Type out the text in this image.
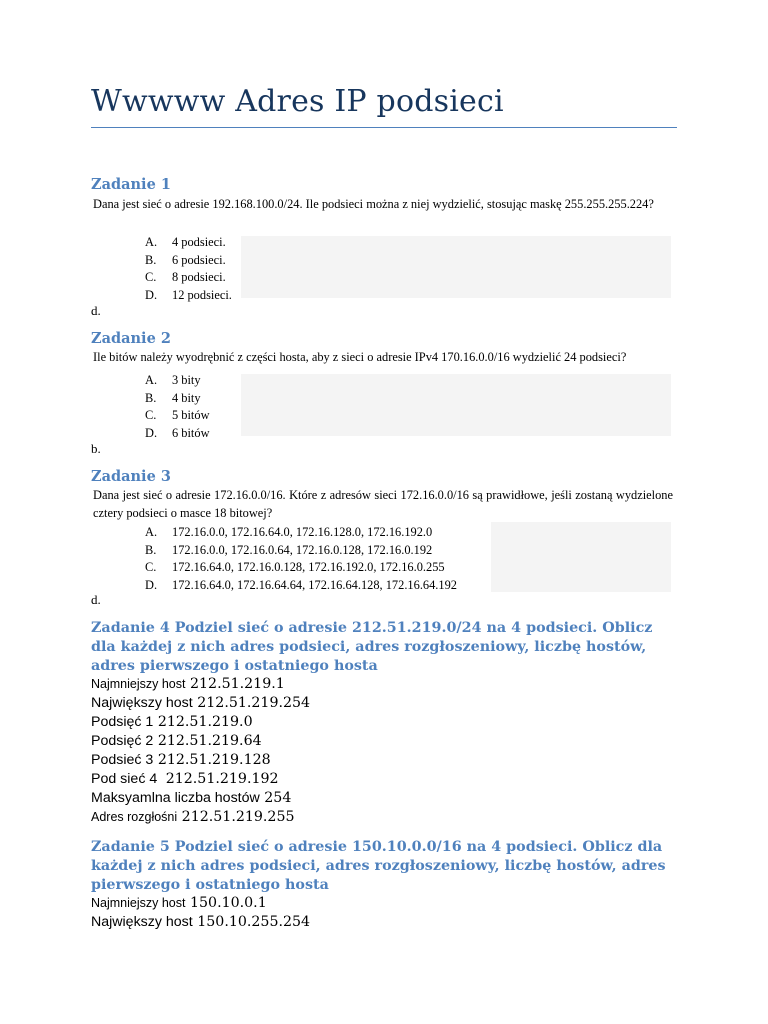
Wwwww Adres IP podsieci
Zadanie 1
Dana jest sieć o adresie 192.168.100.0/24. Ile podsieci można z niej wydzielić, stosując maskę 255.255.255.224?
A. 4 podsieci.
B. 6 podsieci.
C. 8 podsieci.
D. 12 podsieci.
d.
Zadanie 2
Ile bitów należy wyodrębnić z części hosta, aby z sieci o adresie IPv4 170.16.0.0/16 wydzielić 24 podsieci?
A. 3 bity
B. 4 bity
C. 5 bitów
D. 6 bitów
b.
Zadanie 3
Dana jest sieć o adresie 172.16.0.0/16. Które z adresów sieci 172.16.0.0/16 są prawidłowe, jeśli zostaną wydzielone cztery podsieci o masce 18 bitowej?
A. 172.16.0.0, 172.16.64.0, 172.16.128.0, 172.16.192.0
B. 172.16.0.0, 172.16.0.64, 172.16.0.128, 172.16.0.192
C. 172.16.64.0, 172.16.0.128, 172.16.192.0, 172.16.0.255
D. 172.16.64.0, 172.16.64.64, 172.16.64.128, 172.16.64.192
d.
Zadanie 4 Podziel sieć o adresie 212.51.219.0/24 na 4 podsieci. Oblicz dla każdej z nich adres podsieci, adres rozgłoszeniowy, liczbę hostów, adres pierwszego i ostatniego hosta
Najmniejszy host 212.51.219.1
Największy host 212.51.219.254
Podsięć 1 212.51.219.0
Podsięć 2 212.51.219.64
Podsieć 3 212.51.219.128
Pod sieć 4  212.51.219.192
Maksyamlna liczba hostów 254
Adres rozgłośni 212.51.219.255
Zadanie 5 Podziel sieć o adresie 150.10.0.0/16 na 4 podsieci. Oblicz dla każdej z nich adres podsieci, adres rozgłoszeniowy, liczbę hostów, adres pierwszego i ostatniego hosta
Najmniejszy host 150.10.0.1
Największy host 150.10.255.254
